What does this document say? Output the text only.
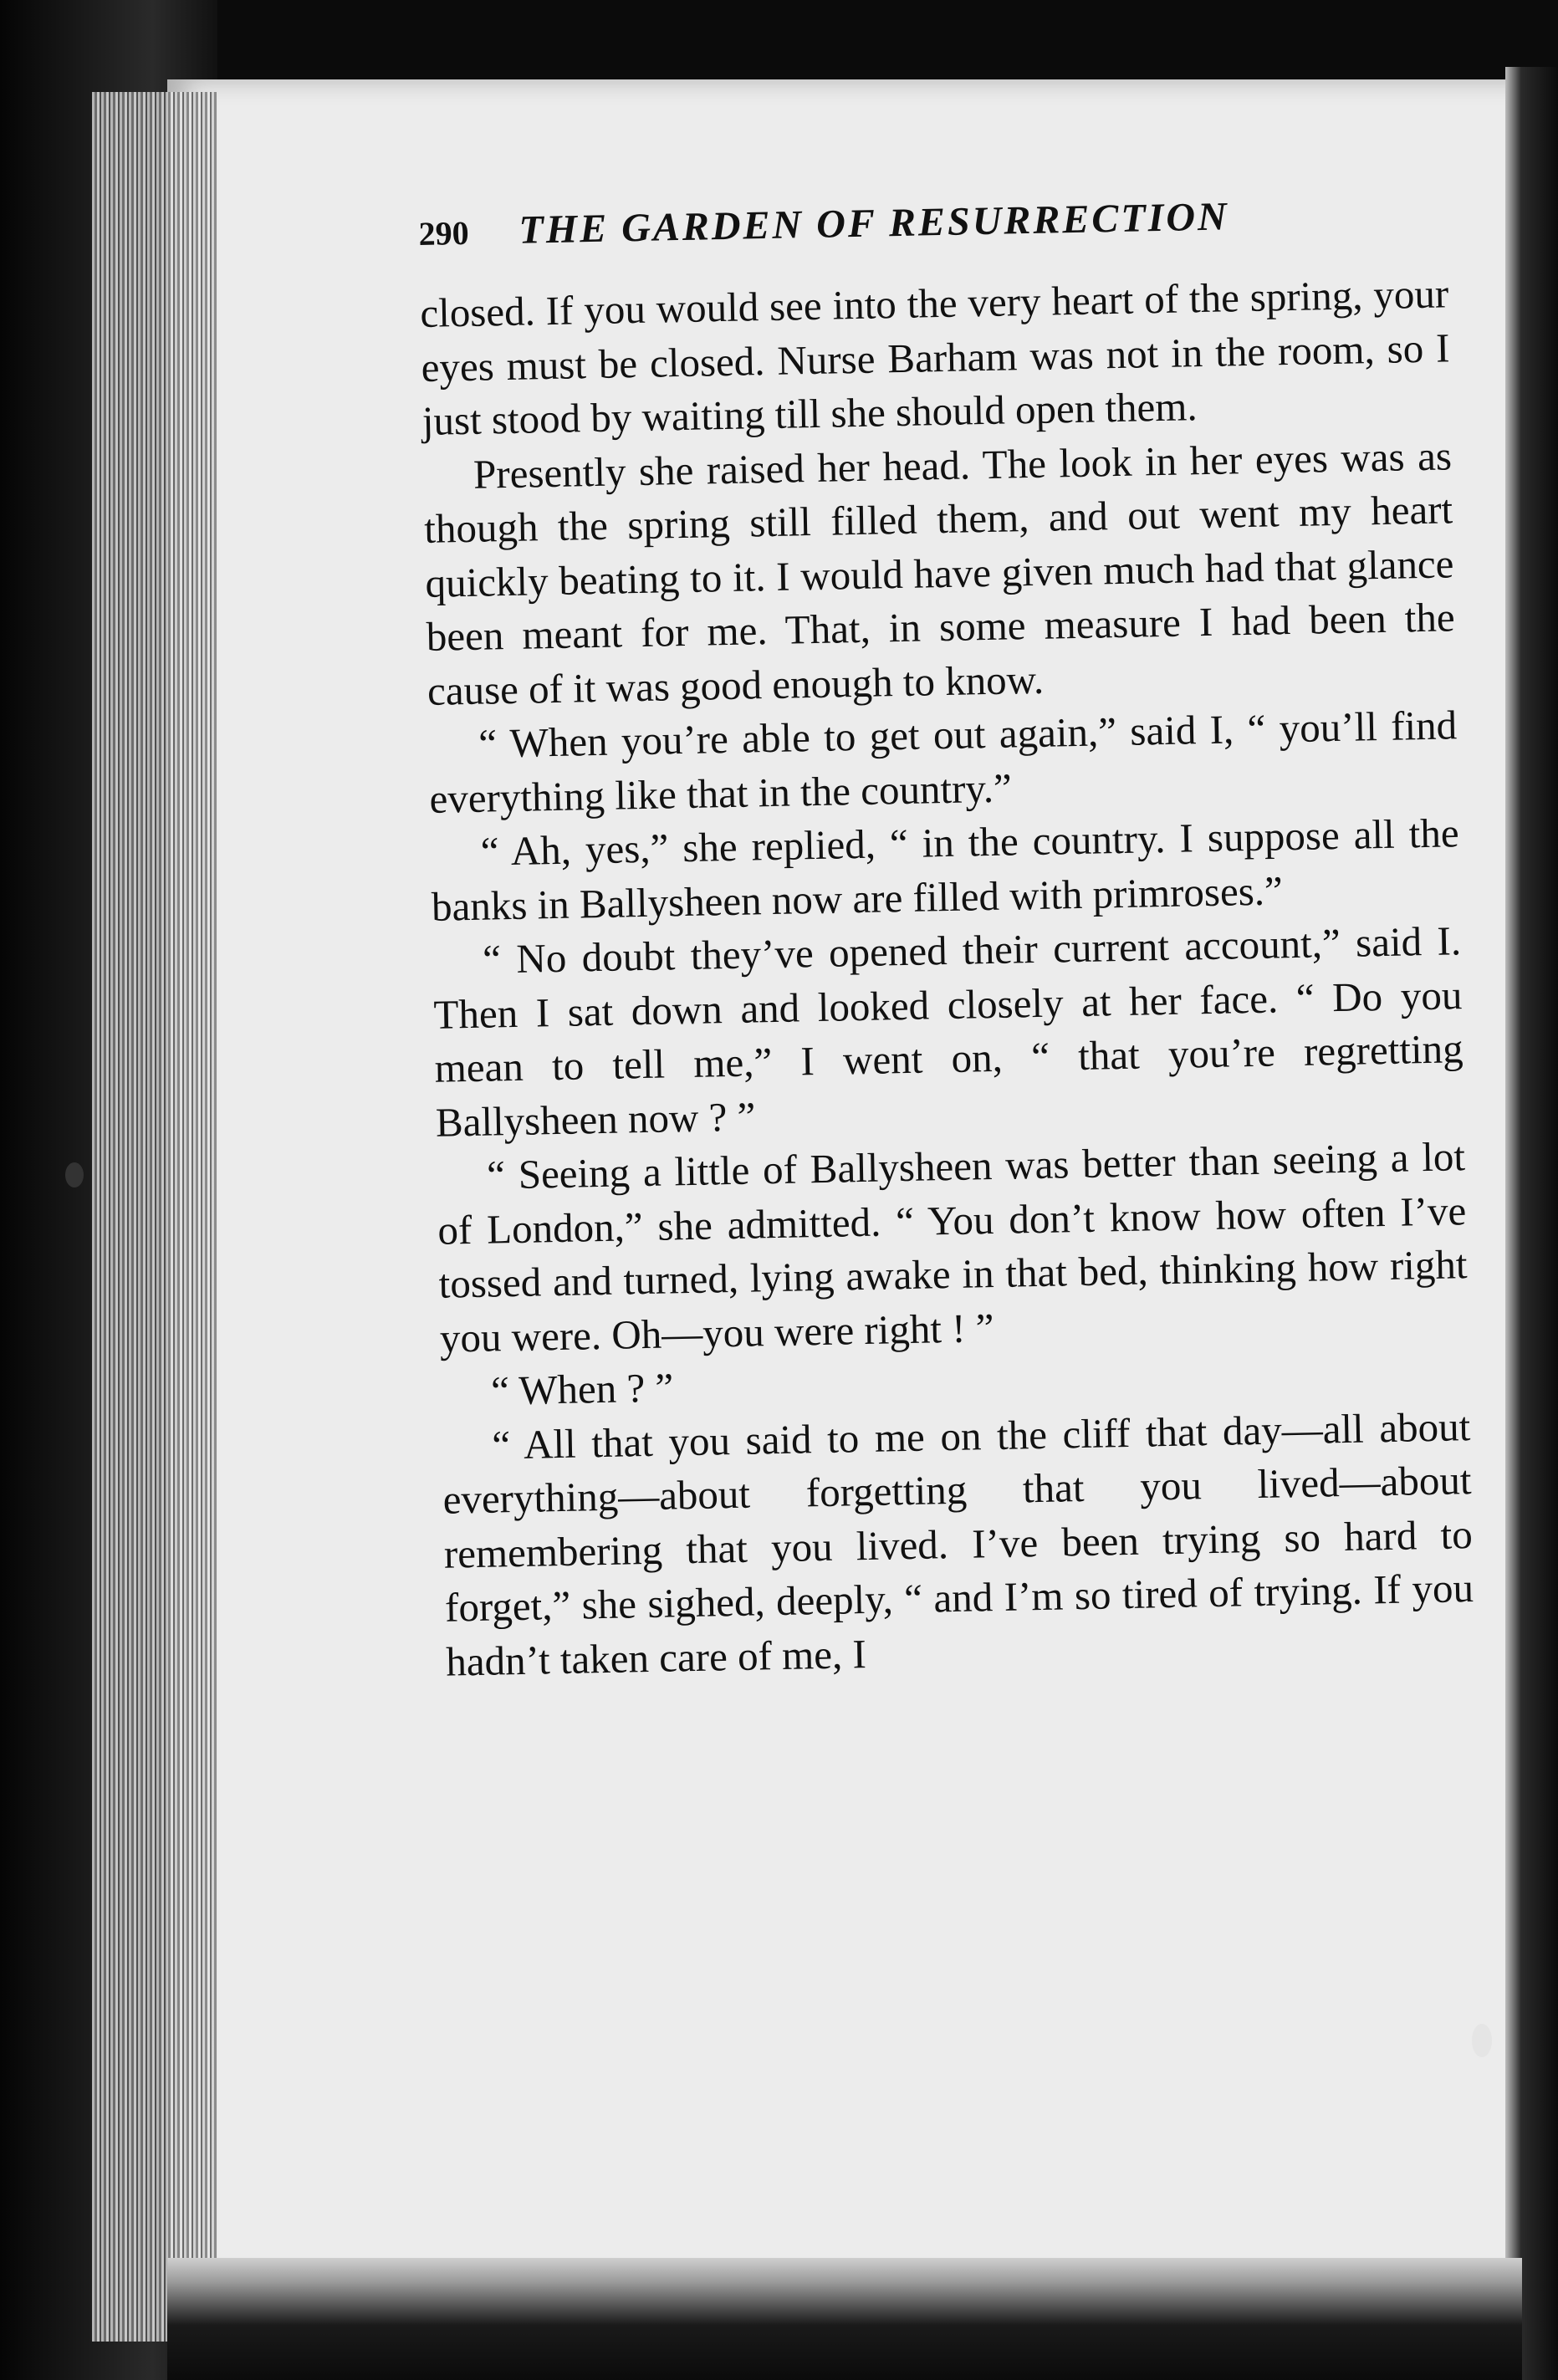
290	THE GARDEN OF RESURRECTION

closed. If you would see into the very heart of the spring, your eyes must be closed. Nurse Barham was not in the room, so I just stood by waiting till she should open them.

Presently she raised her head. The look in her eyes was as though the spring still filled them, and out went my heart quickly beating to it. I would have given much had that glance been meant for me. That, in some measure I had been the cause of it was good enough to know.

“ When you’re able to get out again,” said I, “ you’ll find everything like that in the country.”

“ Ah, yes,” she replied, “ in the country. I suppose all the banks in Ballysheen now are filled with primroses.”

“ No doubt they’ve opened their current account,” said I. Then I sat down and looked closely at her face. “ Do you mean to tell me,” I went on, “ that you’re regretting Ballysheen now ? ”

“ Seeing a little of Ballysheen was better than seeing a lot of London,” she admitted. “ You don’t know how often I’ve tossed and turned, lying awake in that bed, thinking how right you were. Oh—you were right ! ”

“ When ? ”

“ All that you said to me on the cliff that day—all about everything—about forgetting that you lived—about remembering that you lived. I’ve been trying so hard to forget,” she sighed, deeply, “ and I’m so tired of trying. If you hadn’t taken care of me, I
